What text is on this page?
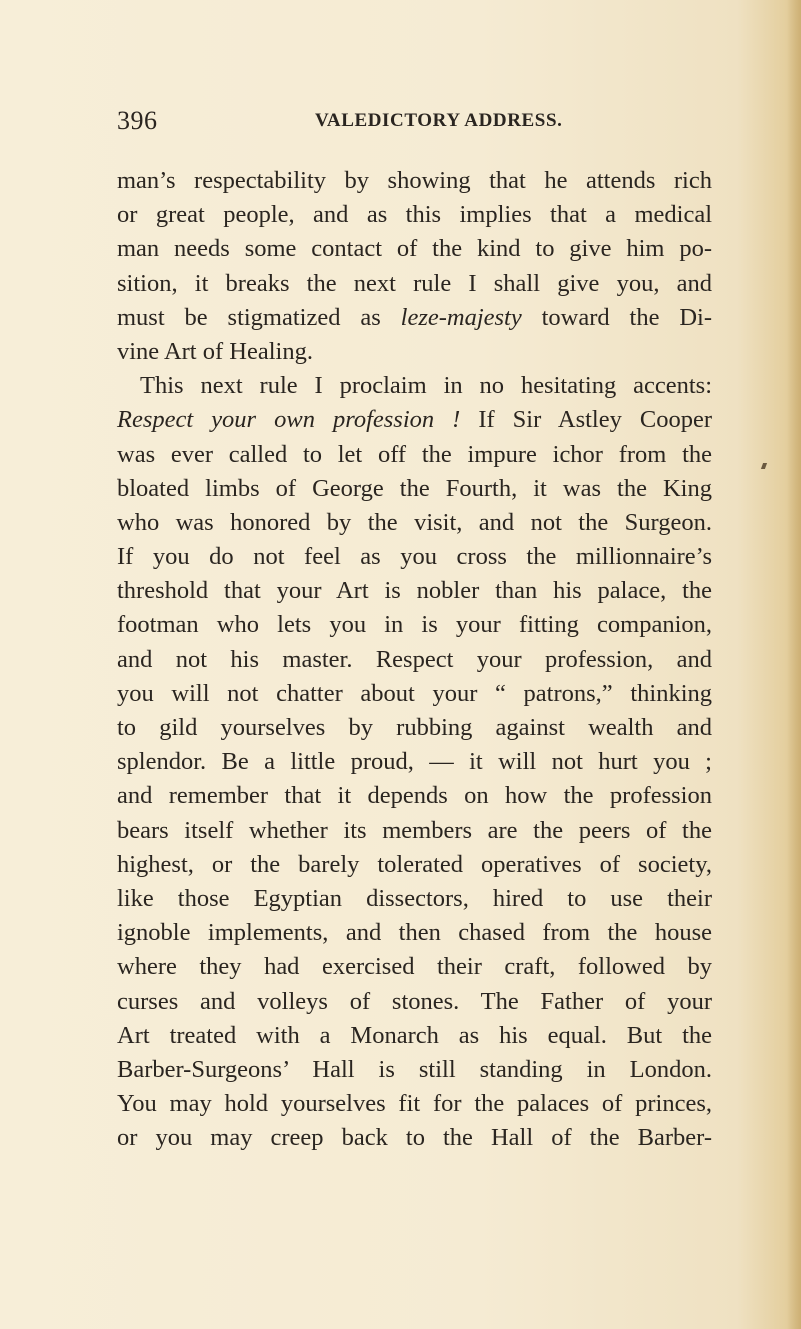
396	VALEDICTORY ADDRESS.
man’s respectability by showing that he attends rich
or great people, and as this implies that a medical
man needs some contact of the kind to give him po-
sition, it breaks the next rule I shall give you, and
must be stigmatized as leze-majesty toward the Di-
vine Art of Healing.
This next rule I proclaim in no hesitating accents:
Respect your own profession ! If Sir Astley Cooper
was ever called to let off the impure ichor from the
bloated limbs of George the Fourth, it was the King
who was honored by the visit, and not the Surgeon.
If you do not feel as you cross the millionnaire’s
threshold that your Art is nobler than his palace, the
footman who lets you in is your fitting companion,
and not his master. Respect your profession, and
you will not chatter about your “ patrons,” thinking
to gild yourselves by rubbing against wealth and
splendor. Be a little proud, — it will not hurt you ;
and remember that it depends on how the profession
bears itself whether its members are the peers of the
highest, or the barely tolerated operatives of society,
like those Egyptian dissectors, hired to use their
ignoble implements, and then chased from the house
where they had exercised their craft, followed by
curses and volleys of stones. The Father of your
Art treated with a Monarch as his equal. But the
Barber-Surgeons’ Hall is still standing in London.
You may hold yourselves fit for the palaces of princes,
or you may creep back to the Hall of the Barber-
